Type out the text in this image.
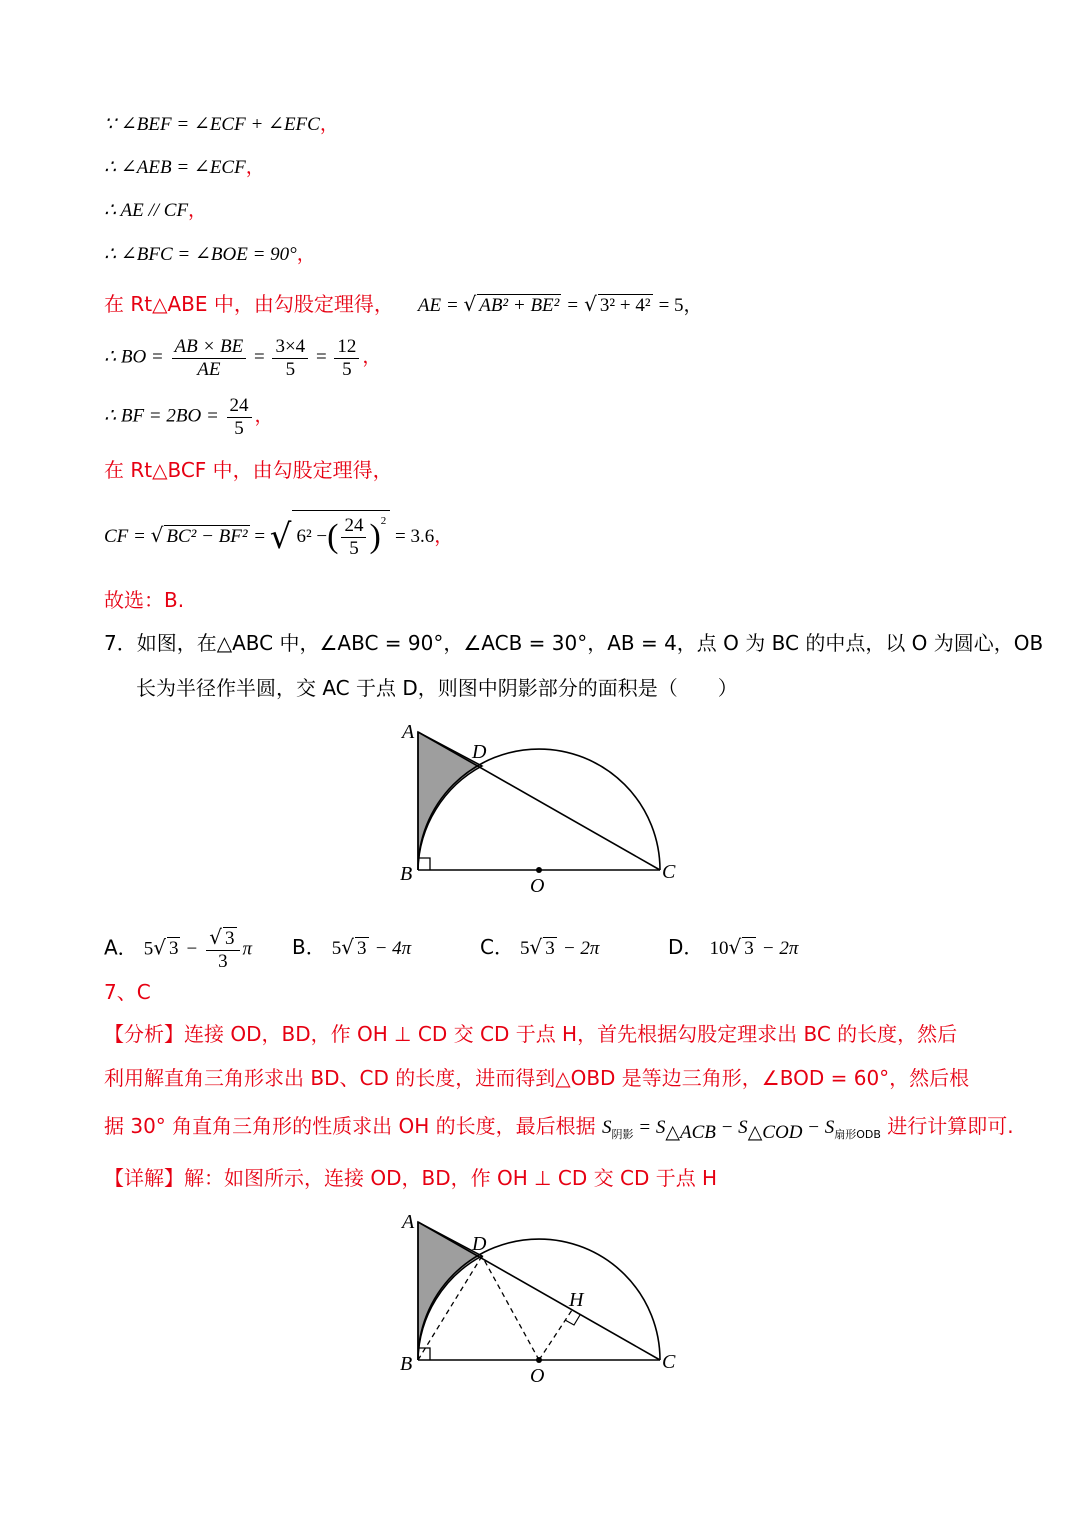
∵ ∠BEF = ∠ECF + ∠EFC，
∴ ∠AEB = ∠ECF，
∴ AE // CF，
∴ ∠BFC = ∠BOE = 90°，
在 Rt△ABE 中，由勾股定理得， AE = √ AB² + BE² = √ 3² + 4² = 5，
∴ BO = $\frac{AB \times BE}{AE} = \frac{3\times 4}{5} = \frac{12}{5}$ ，
∴ BF = $2BO = \frac{24}{5}$ ，
在 Rt△BCF 中，由勾股定理得，
CF = √ BC² − BF² = √ 6² −( $\frac{24}{5} )^2 = 3.6$，
故选：B.
7．如图，在△ABC 中，∠ABC = 90°，∠ACB = 30°，AB = 4，点 O 为 BC 的中点，以 O 为圆心，OB
长为半径作半圆，交 AC 于点 D，则图中阴影部分的面积是（　　）
A
D
B
O
C
A． 5√ $3 - \frac{√ 3}{3}$ π B． 5√ 3 − 4π	C． 5√ 3 − 2π	D． 10√ 3 − 2π
7、C
【分析】连接 OD，BD，作 OH ⊥ CD 交 CD 于点 H，首先根据勾股定理求出 BC 的长度，然后
利用解直角三角形求出 BD、CD 的长度，进而得到△OBD 是等边三角形，∠BOD = 60°，然后根
据 30° 角直角三角形的性质求出 OH 的长度，最后根据 $S_{阴影} = S_{\triangle ACB} - S_{\triangle COD} - S_{扇形ODB}$ 进行计算即可.
【详解】解：如图所示，连接 OD，BD，作 OH ⊥ CD 交 CD 于点 H
A
D
H
B
O
C
